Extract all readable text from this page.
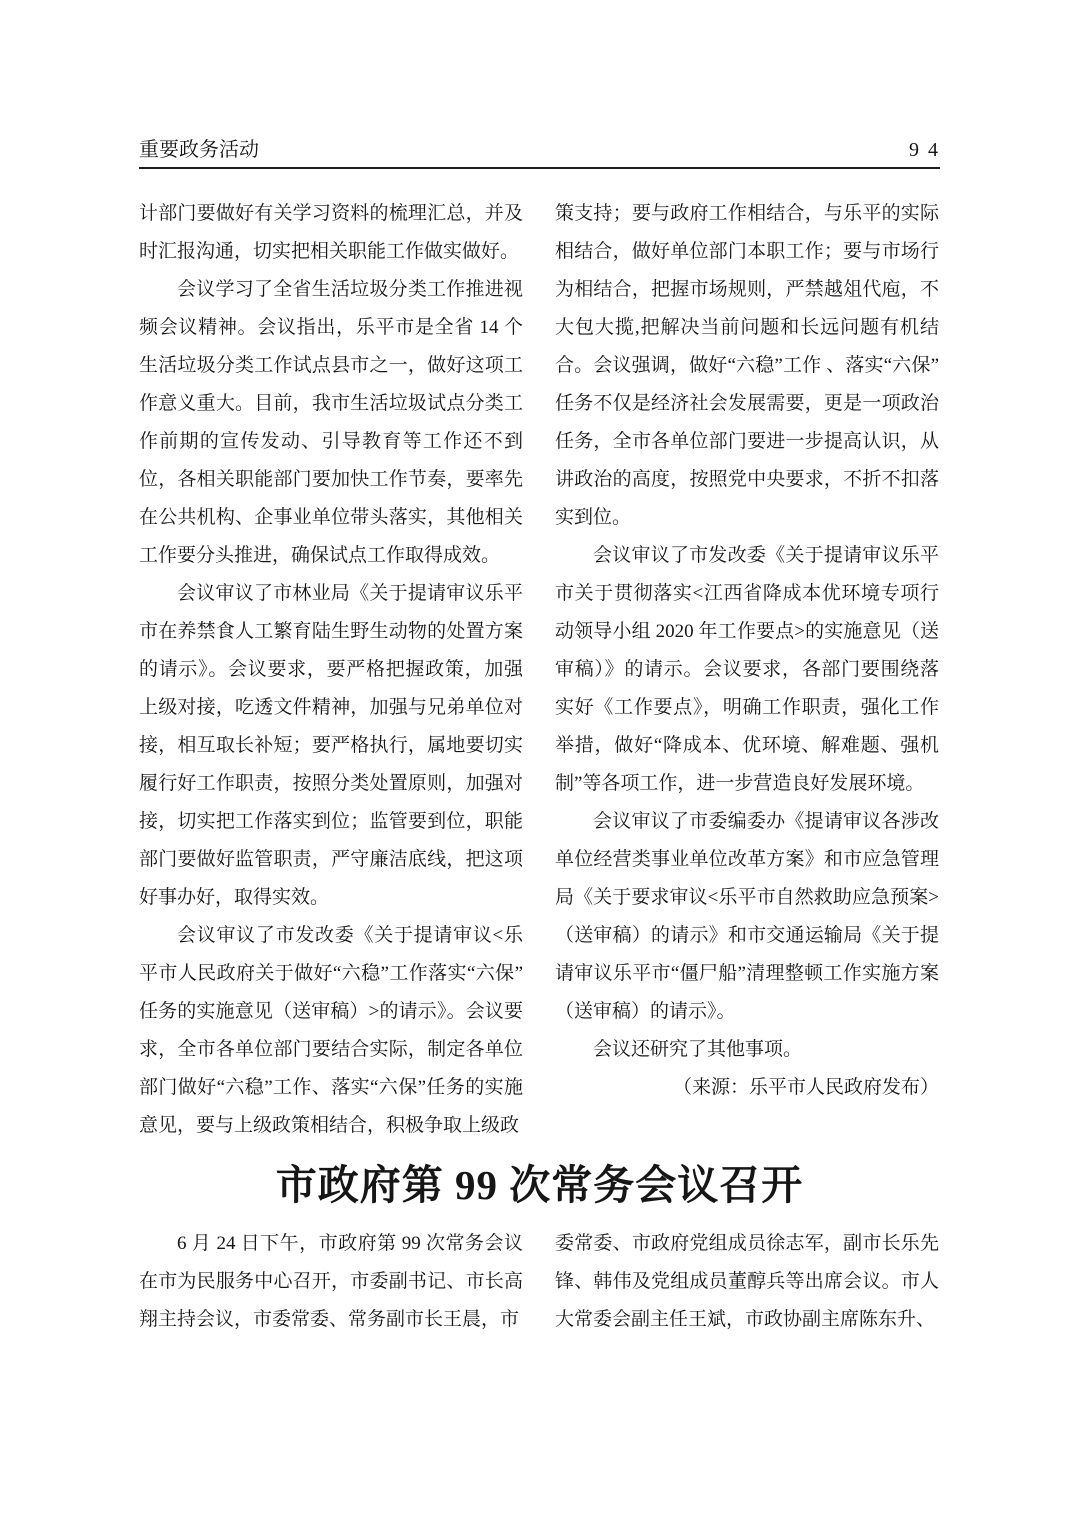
重要政务活动	9 4

计部门要做好有关学习资料的梳理汇总，并及时汇报沟通，切实把相关职能工作做实做好。

会议学习了全省生活垃圾分类工作推进视频会议精神。会议指出，乐平市是全省 14 个生活垃圾分类工作试点县市之一，做好这项工作意义重大。目前，我市生活垃圾试点分类工作前期的宣传发动、引导教育等工作还不到位，各相关职能部门要加快工作节奏，要率先在公共机构、企事业单位带头落实，其他相关工作要分头推进，确保试点工作取得成效。

会议审议了市林业局《关于提请审议乐平市在养禁食人工繁育陆生野生动物的处置方案的请示》。会议要求，要严格把握政策，加强上级对接，吃透文件精神，加强与兄弟单位对接，相互取长补短；要严格执行，属地要切实履行好工作职责，按照分类处置原则，加强对接，切实把工作落实到位；监管要到位，职能部门要做好监管职责，严守廉洁底线，把这项好事办好，取得实效。

会议审议了市发改委《关于提请审议<乐平市人民政府关于做好“六稳”工作落实“六保”任务的实施意见（送审稿）>的请示》。会议要求，全市各单位部门要结合实际，制定各单位部门做好“六稳”工作、落实“六保”任务的实施意见，要与上级政策相结合，积极争取上级政

策支持；要与政府工作相结合，与乐平的实际相结合，做好单位部门本职工作；要与市场行为相结合，把握市场规则，严禁越俎代庖，不大包大揽,把解决当前问题和长远问题有机结合。会议强调，做好“六稳”工作 、落实“六保”任务不仅是经济社会发展需要，更是一项政治任务，全市各单位部门要进一步提高认识，从讲政治的高度，按照党中央要求，不折不扣落实到位。

会议审议了市发改委《关于提请审议乐平市关于贯彻落实<江西省降成本优环境专项行动领导小组 2020 年工作要点>的实施意见（送审稿）》的请示。会议要求，各部门要围绕落实好《工作要点》，明确工作职责，强化工作举措，做好“降成本、优环境、解难题、强机制”等各项工作，进一步营造良好发展环境。

会议审议了市委编委办《提请审议各涉改单位经营类事业单位改革方案》和市应急管理局《关于要求审议<乐平市自然救助应急预案>（送审稿）的请示》和市交通运输局《关于提请审议乐平市“僵尸船”清理整顿工作实施方案（送审稿）的请示》。

会议还研究了其他事项。

（来源：乐平市人民政府发布）

市政府第 99 次常务会议召开

6 月 24 日下午，市政府第 99 次常务会议在市为民服务中心召开，市委副书记、市长高翔主持会议，市委常委、常务副市长王晨，市

委常委、市政府党组成员徐志军，副市长乐先锋、韩伟及党组成员董醇兵等出席会议。市人大常委会副主任王斌，市政协副主席陈东升、
